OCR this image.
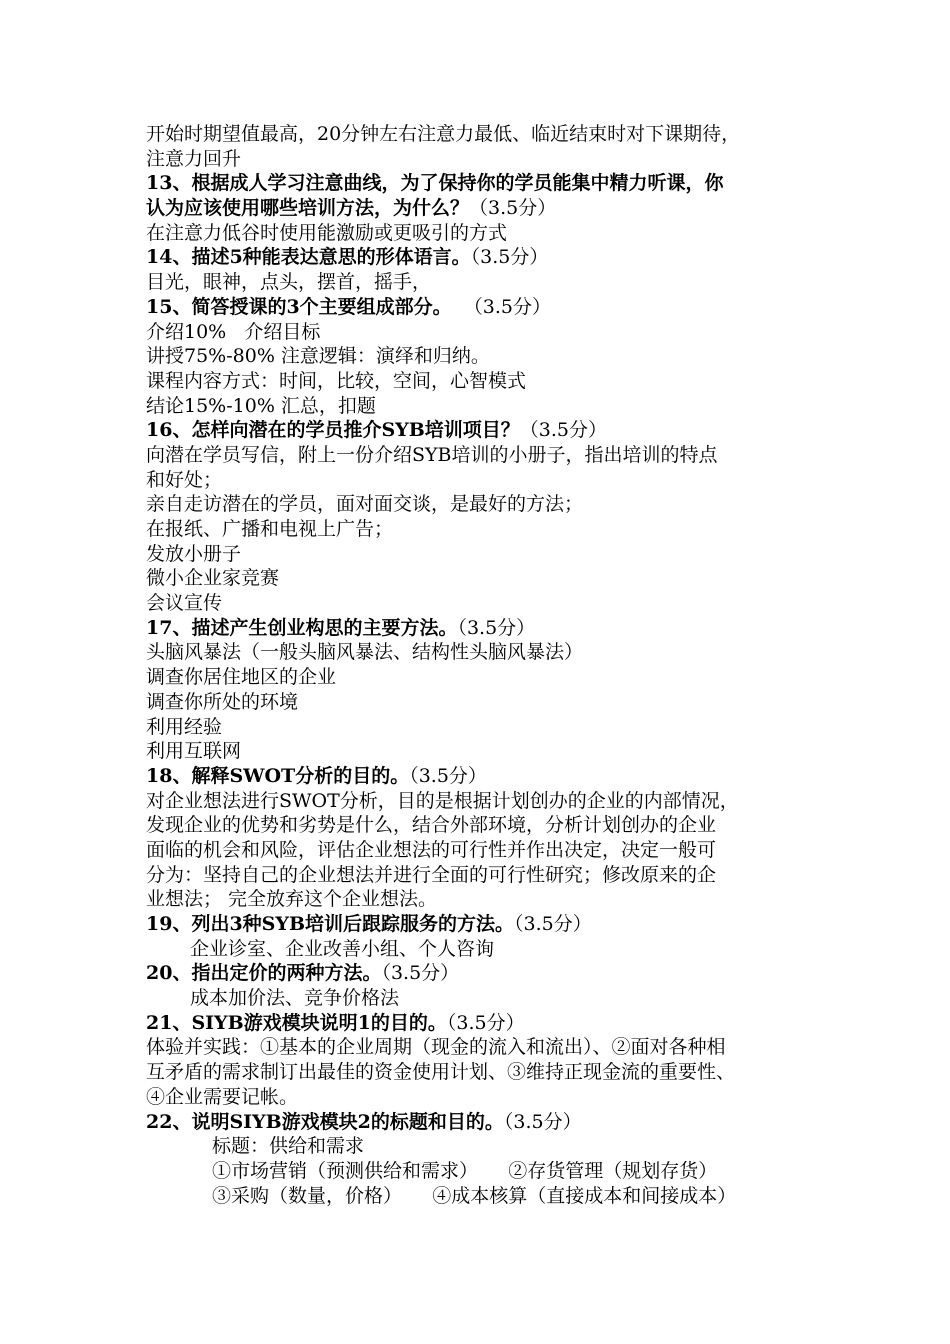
开始时期望值最高，20分钟左右注意力最低、临近结束时对下课期待，
注意力回升
13、根据成人学习注意曲线，为了保持你的学员能集中精力听课，你
认为应该使用哪些培训方法，为什么？（3.5分）
在注意力低谷时使用能激励或更吸引的方式
14、描述5种能表达意思的形体语言。（3.5分）
目光，眼神，点头，摆首，摇手，
15、简答授课的3个主要组成部分。  （3.5分）
介绍10%   介绍目标
讲授75%-80% 注意逻辑：演绎和归纳。
课程内容方式：时间，比较，空间，心智模式
结论15%-10% 汇总，扣题
16、怎样向潜在的学员推介SYB培训项目？（3.5分）
向潜在学员写信，附上一份介绍SYB培训的小册子，指出培训的特点
和好处；
亲自走访潜在的学员，面对面交谈，是最好的方法；
在报纸、广播和电视上广告；
发放小册子
微小企业家竞赛
会议宣传
17、描述产生创业构思的主要方法。（3.5分）
头脑风暴法（一般头脑风暴法、结构性头脑风暴法）
调查你居住地区的企业
调查你所处的环境
利用经验
利用互联网
18、解释SWOT分析的目的。（3.5分）
对企业想法进行SWOT分析，目的是根据计划创办的企业的内部情况，
发现企业的优势和劣势是什么，结合外部环境，分析计划创办的企业
面临的机会和风险，评估企业想法的可行性并作出决定，决定一般可
分为：坚持自己的企业想法并进行全面的可行性研究；修改原来的企
业想法； 完全放弃这个企业想法。
19、列出3种SYB培训后跟踪服务的方法。（3.5分）
企业诊室、企业改善小组、个人咨询
20、指出定价的两种方法。（3.5分）
成本加价法、竞争价格法
21、SIYB游戏模块说明1的目的。（3.5分）
体验并实践：①基本的企业周期（现金的流入和流出）、②面对各种相
互矛盾的需求制订出最佳的资金使用计划、③维持正现金流的重要性、
④企业需要记帐。
22、说明SIYB游戏模块2的标题和目的。（3.5分）
标题：供给和需求
①市场营销（预测供给和需求）     ②存货管理（规划存货）
③采购（数量，价格）     ④成本核算（直接成本和间接成本）
